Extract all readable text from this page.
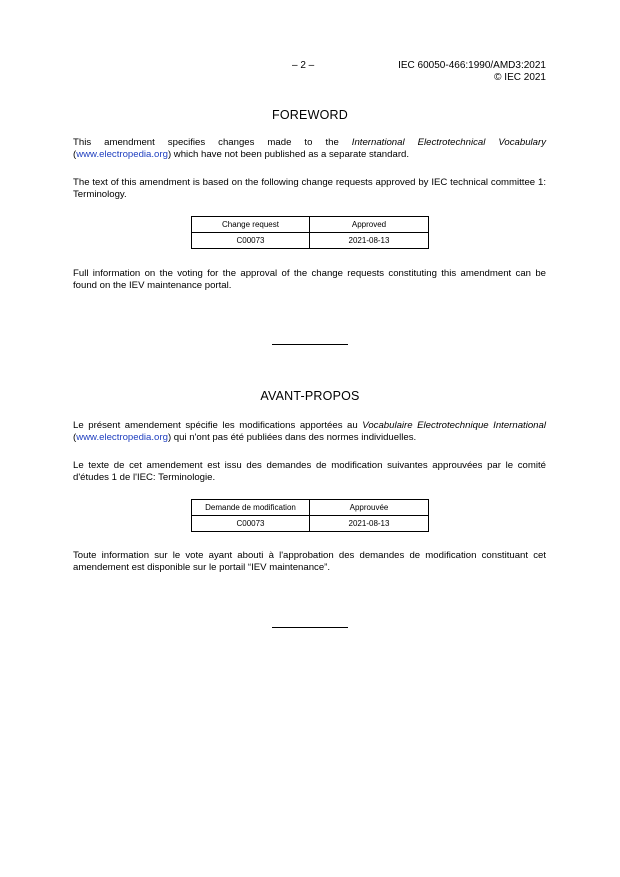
– 2 –	IEC 60050-466:1990/AMD3:2021
© IEC 2021
FOREWORD
This amendment specifies changes made to the International Electrotechnical Vocabulary (www.electropedia.org) which have not been published as a separate standard.
The text of this amendment is based on the following change requests approved by IEC technical committee 1: Terminology.
Change request	Approved
C00073	2021-08-13
Full information on the voting for the approval of the change requests constituting this amendment can be found on the IEV maintenance portal.
AVANT-PROPOS
Le présent amendement spécifie les modifications apportées au Vocabulaire Electrotechnique International (www.electropedia.org) qui n'ont pas été publiées dans des normes individuelles.
Le texte de cet amendement est issu des demandes de modification suivantes approuvées par le comité d'études 1 de l'IEC: Terminologie.
Demande de modification	Approuvée
C00073	2021-08-13
Toute information sur le vote ayant abouti à l'approbation des demandes de modification constituant cet amendement est disponible sur le portail “IEV maintenance”.
